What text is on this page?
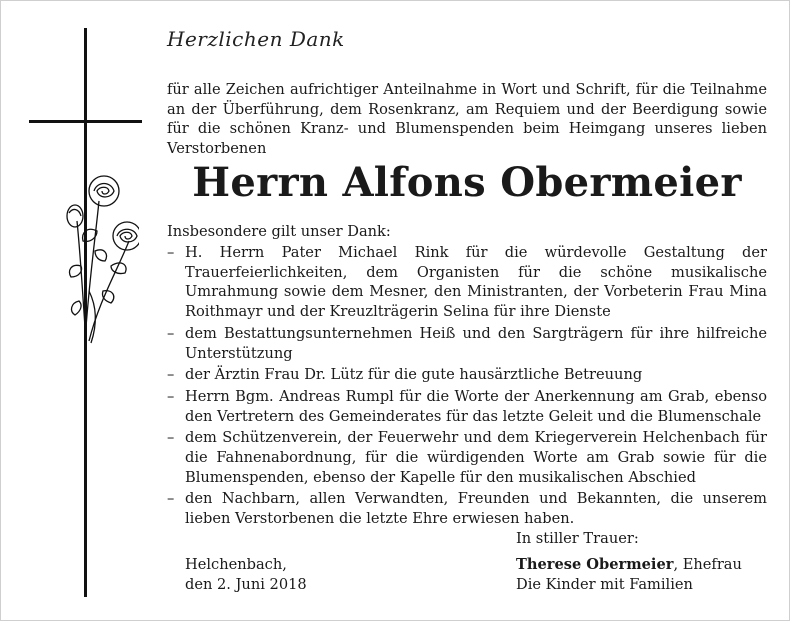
Herzlichen Dank
für alle Zeichen aufrichtiger Anteilnahme in Wort und Schrift, für die Teilnahme an der Überführung, dem Rosenkranz, am Requiem und der Beerdigung sowie für die schönen Kranz- und Blumenspenden beim Heimgang unseres lieben Verstorbenen
Herrn Alfons Obermeier
Insbesondere gilt unser Dank:
– H. Herrn Pater Michael Rink für die würdevolle Gestaltung der Trauerfeierlichkeiten, dem Organisten für die schöne musikalische Umrahmung sowie dem Mesner, den Ministranten, der Vorbeterin Frau Mina Roithmayr und der Kreuzlträgerin Selina für ihre Dienste
– dem Bestattungsunternehmen Heiß und den Sargträgern für ihre hilfreiche Unterstützung
– der Ärztin Frau Dr. Lütz für die gute hausärztliche Betreuung
– Herrn Bgm. Andreas Rumpl für die Worte der Anerkennung am Grab, ebenso den Vertretern des Gemeinderates für das letzte Geleit und die Blumenschale
– dem Schützenverein, der Feuerwehr und dem Kriegerverein Helchenbach für die Fahnenabordnung, für die würdigenden Worte am Grab sowie für die Blumenspenden, ebenso der Kapelle für den musikalischen Abschied
– den Nachbarn, allen Verwandten, Freunden und Bekannten, die unserem lieben Verstorbenen die letzte Ehre erwiesen haben.
In stiller Trauer:
Helchenbach,
den 2. Juni 2018
Therese Obermeier, Ehefrau
Die Kinder mit Familien
